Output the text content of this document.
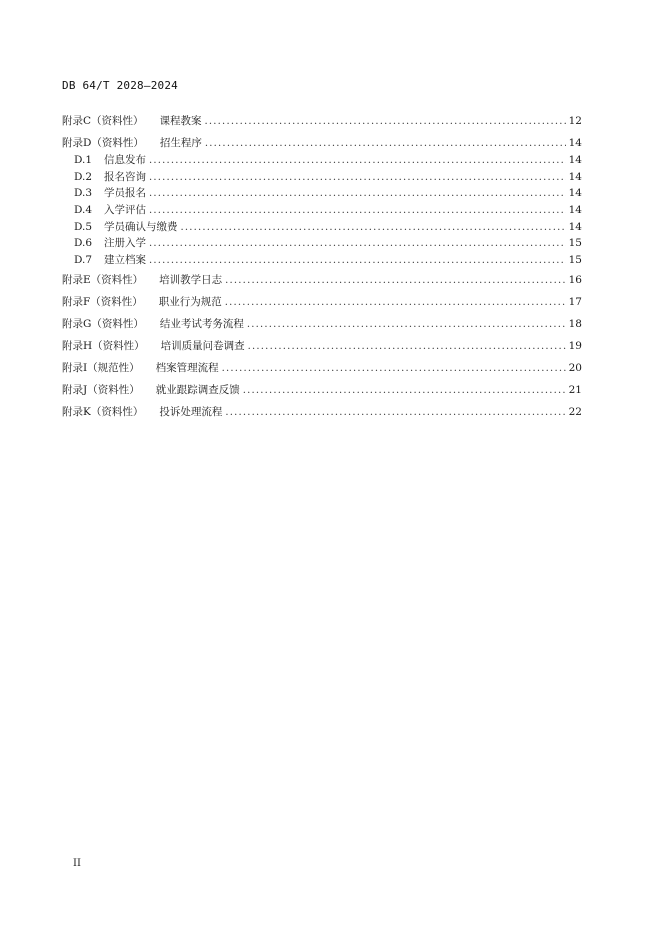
DB 64/T 2028—2024
附录C（资料性） 课程教案 .....	12
附录D（资料性） 招生程序 .....	14
D.1	信息发布 .....	14
D.2	报名咨询 .....	14
D.3	学员报名 .....	14
D.4	入学评估 .....	14
D.5	学员确认与缴费 .....	14
D.6	注册入学 .....	15
D.7	建立档案 .....	15
附录E（资料性） 培训教学日志 .....	16
附录F（资料性） 职业行为规范 .....	17
附录G（资料性） 结业考试考务流程 .....	18
附录H（资料性） 培训质量问卷调查 .....	19
附录I（规范性） 档案管理流程 .....	20
附录J（资料性） 就业跟踪调查反馈 .....	21
附录K（资料性） 投诉处理流程 .....	22
II
